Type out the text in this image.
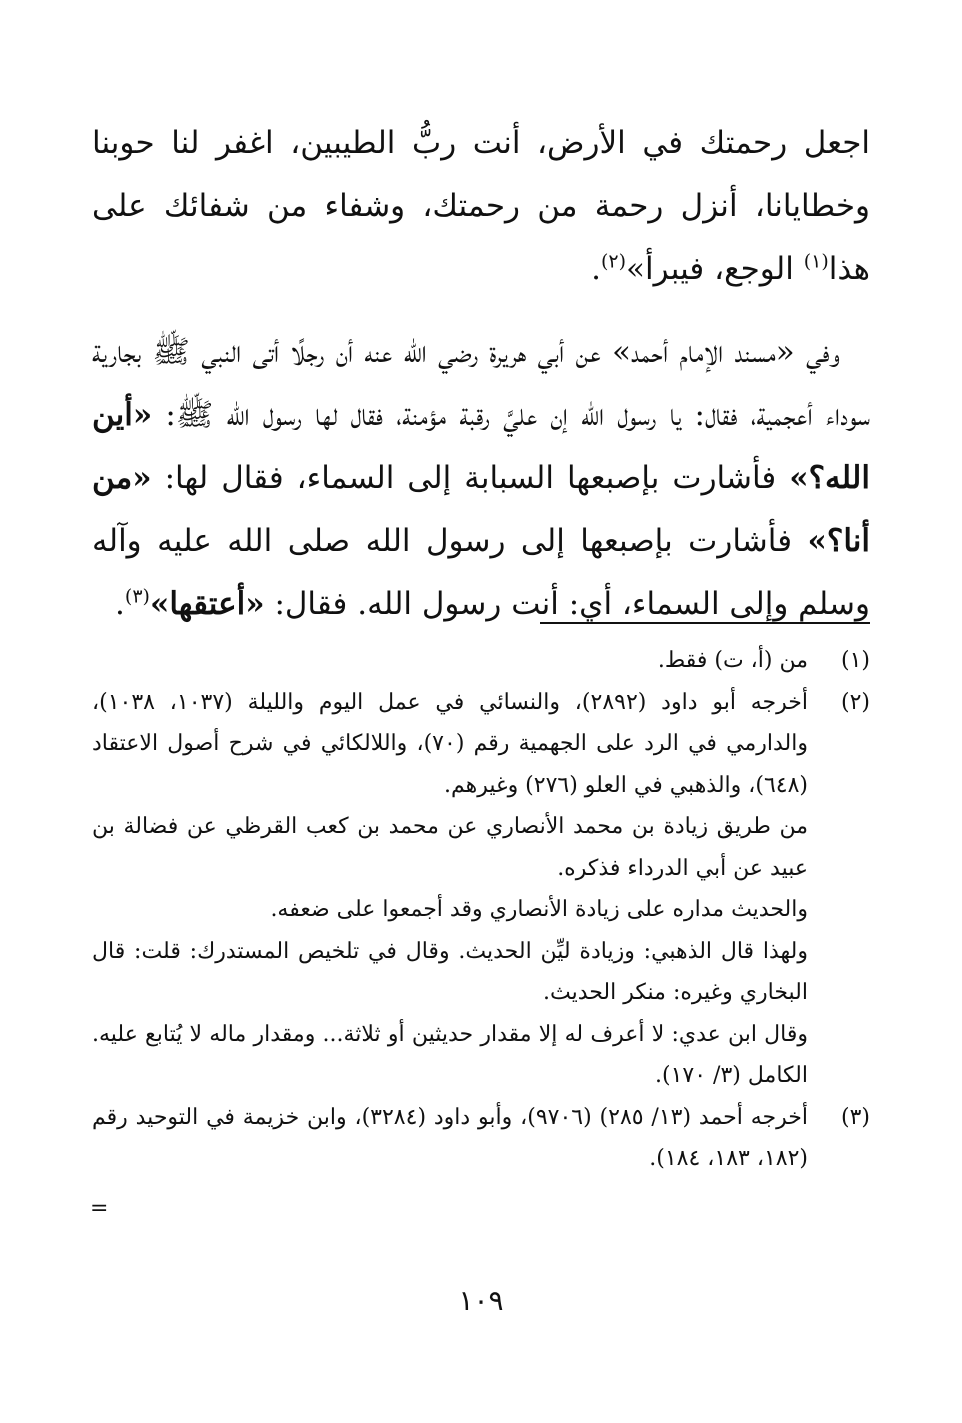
اجعل رحمتك في الأرض، أنت ربُّ الطيبين، اغفر لنا حوبنا وخطايانا، أنزل رحمة من رحمتك، وشفاء من شفائك على هذا$^{(١)}$ الوجع، فيبرأ»$^{(٢)}$.

وفي «مسند الإمام أحمد» عن أبي هريرة رضي الله عنه أن رجلًا أتى النبي ﷺ بجارية سوداء أعجمية، فقال: يا رسول الله إن عليَّ رقبة مؤمنة، فقال لها رسول الله ﷺ: «أين الله؟» فأشارت بإصبعها السبابة إلى السماء، فقال لها: «من أنا؟» فأشارت بإصبعها إلى رسول الله صلى الله عليه وآله وسلم وإلى السماء، أي: أنت رسول الله. فقال: «أعتقها»$^{(٣)}$.

(١)

من (أ، ت) فقط.

(٢)

أخرجه أبو داود (٢٨٩٢)، والنسائي في عمل اليوم والليلة (١٠٣٧، ١٠٣٨)، والدارمي في الرد على الجهمية رقم (٧٠)، واللالكائي في شرح أصول الاعتقاد (٦٤٨)، والذهبي في العلو (٢٧٦) وغيرهم.

من طريق زيادة بن محمد الأنصاري عن محمد بن كعب القرظي عن فضالة بن عبيد عن أبي الدرداء فذكره.

والحديث مداره على زيادة الأنصاري وقد أجمعوا على ضعفه.

ولهذا قال الذهبي: وزيادة ليِّن الحديث. وقال في تلخيص المستدرك: قلت: قال البخاري وغيره: منكر الحديث.

وقال ابن عدي: لا أعرف له إلا مقدار حديثين أو ثلاثة... ومقدار ماله لا يُتابع عليه. الكامل (٣/ ١٧٠).

(٣)

أخرجه أحمد (١٣/ ٢٨٥) (٩٧٠٦)، وأبو داود (٣٢٨٤)، وابن خزيمة في التوحيد رقم (١٨٢، ١٨٣، ١٨٤).

=
١٠٩
